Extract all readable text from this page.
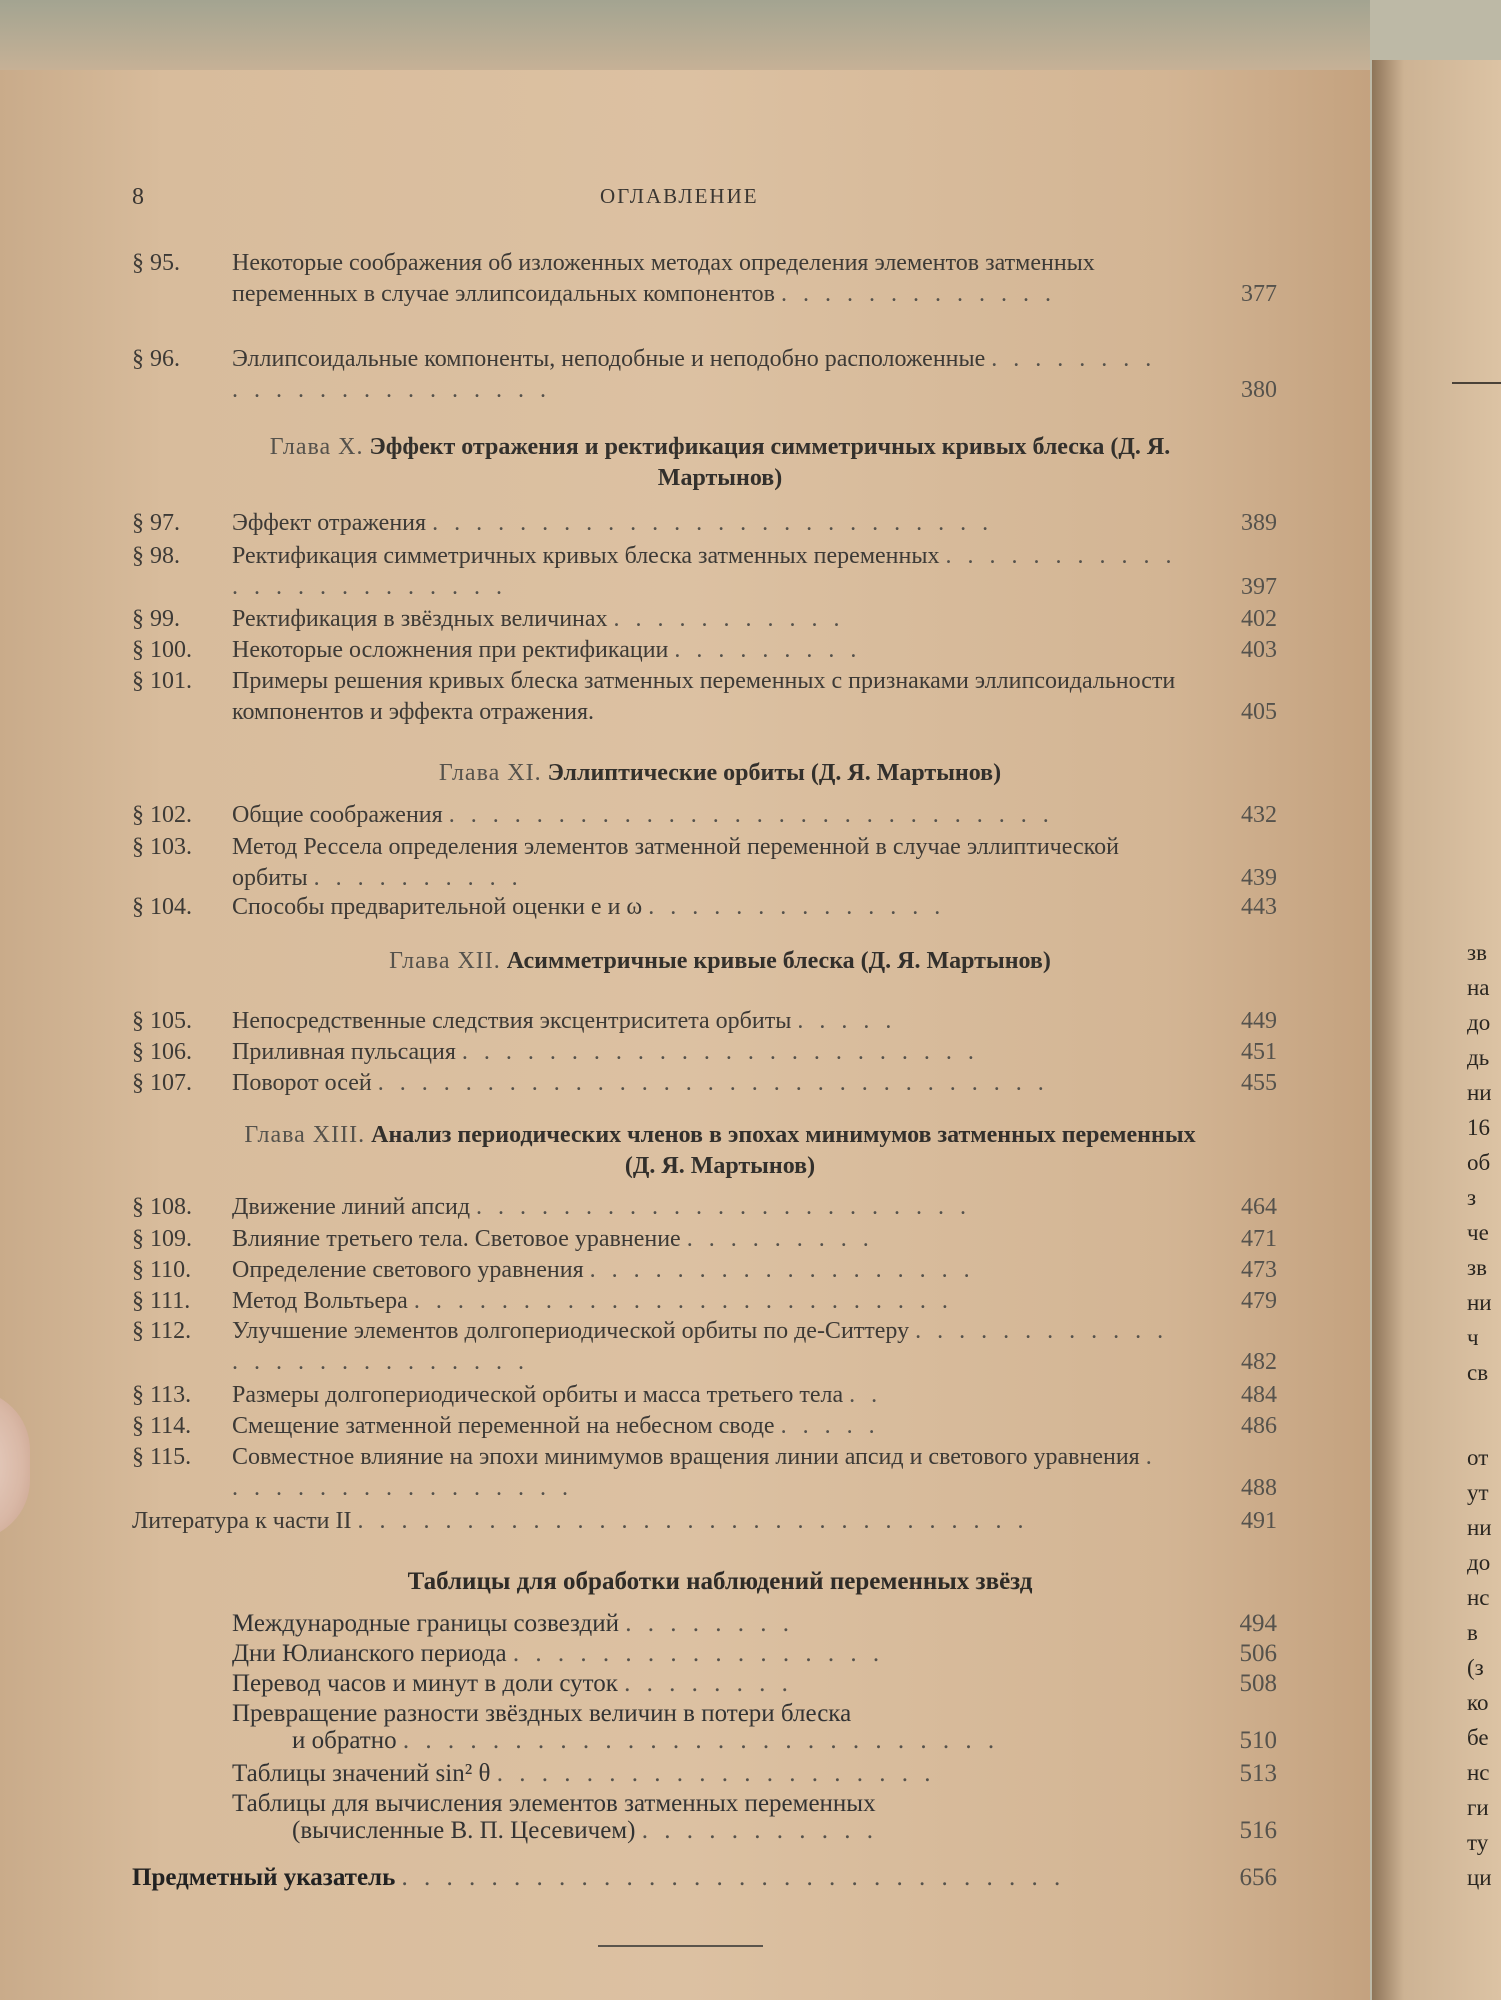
8	ОГЛАВЛЕНИЕ
§ 95.	Некоторые соображения об изложенных методах определения элементов затменных переменных в случае эллипсоидальных компонентов . . . . . . . . . . . . .	377
§ 96.	Эллипсоидальные компоненты, неподобные и неподобно расположенные . . . . . . . . . . . . . . . . . . . . . . .	380
Глава X. Эффект отражения и ректификация симметричных кривых блеска (Д. Я. Мартынов)
§ 97.	Эффект отражения . . . . . . . . . . . . . . . . . . . . . . . . . .	389
§ 98.	Ректификация симметричных кривых блеска затменных переменных . . . . . . . . . . . . . . . . . . . . . . . .	397
§ 99.	Ректификация в звёздных величинах . . . . . . . . . . .	402
§ 100.	Некоторые осложнения при ректификации . . . . . . . . .	403
§ 101.	Примеры решения кривых блеска затменных переменных с признаками эллипсоидальности компонентов и эффекта отражения.	405
Глава XI. Эллиптические орбиты (Д. Я. Мартынов)
§ 102.	Общие соображения . . . . . . . . . . . . . . . . . . . . . . . . . . . .	432
§ 103.	Метод Рессела определения элементов затменной переменной в случае эллиптической орбиты . . . . . . . . . .	439
§ 104.	Способы предварительной оценки e и ω . . . . . . . . . . . . . .	443
Глава XII. Асимметричные кривые блеска (Д. Я. Мартынов)
§ 105.	Непосредственные следствия эксцентриситета орбиты . . . . .	449
§ 106.	Приливная пульсация . . . . . . . . . . . . . . . . . . . . . . . .	451
§ 107.	Поворот осей . . . . . . . . . . . . . . . . . . . . . . . . . . . . . . .	455
Глава XIII. Анализ периодических членов в эпохах минимумов затменных переменных (Д. Я. Мартынов)
§ 108.	Движение линий апсид . . . . . . . . . . . . . . . . . . . . . . .	464
§ 109.	Влияние третьего тела. Световое уравнение . . . . . . . . .	471
§ 110.	Определение светового уравнения . . . . . . . . . . . . . . . . . .	473
§ 111.	Метод Вольтьера . . . . . . . . . . . . . . . . . . . . . . . . .	479
§ 112.	Улучшение элементов долгопериодической орбиты по де-Ситтеру . . . . . . . . . . . . . . . . . . . . . . . . . .	482
§ 113.	Размеры долгопериодической орбиты и масса третьего тела . .	484
§ 114.	Смещение затменной переменной на небесном своде . . . . .	486
§ 115.	Совместное влияние на эпохи минимумов вращения линии апсид и светового уравнения . . . . . . . . . . . . . . . . .	488
Литература к части II . . . . . . . . . . . . . . . . . . . . . . . . . . . . . . .	491
Таблицы для обработки наблюдений переменных звёзд
Международные границы созвездий . . . . . . . .	494
Дни Юлианского периода . . . . . . . . . . . . . . . . .	506
Перевод часов и минут в доли суток . . . . . . . .	508
Превращение разности звёздных величин в потери блеска
и обратно . . . . . . . . . . . . . . . . . . . . . . . . . . .	510
Таблицы значений sin² θ . . . . . . . . . . . . . . . . . . . .	513
Таблицы для вычисления элементов затменных переменных
(вычисленные В. П. Цесевичем) . . . . . . . . . . .	516
Предметный указатель . . . . . . . . . . . . . . . . . . . . . . . . . . . . . .	656
зв
на
до
дь
ни
16
об
з
че
зв
ни
ч
св
от
ут
ни
до
нс
в
(з
ко
бе
нс
ги
ту
ци
